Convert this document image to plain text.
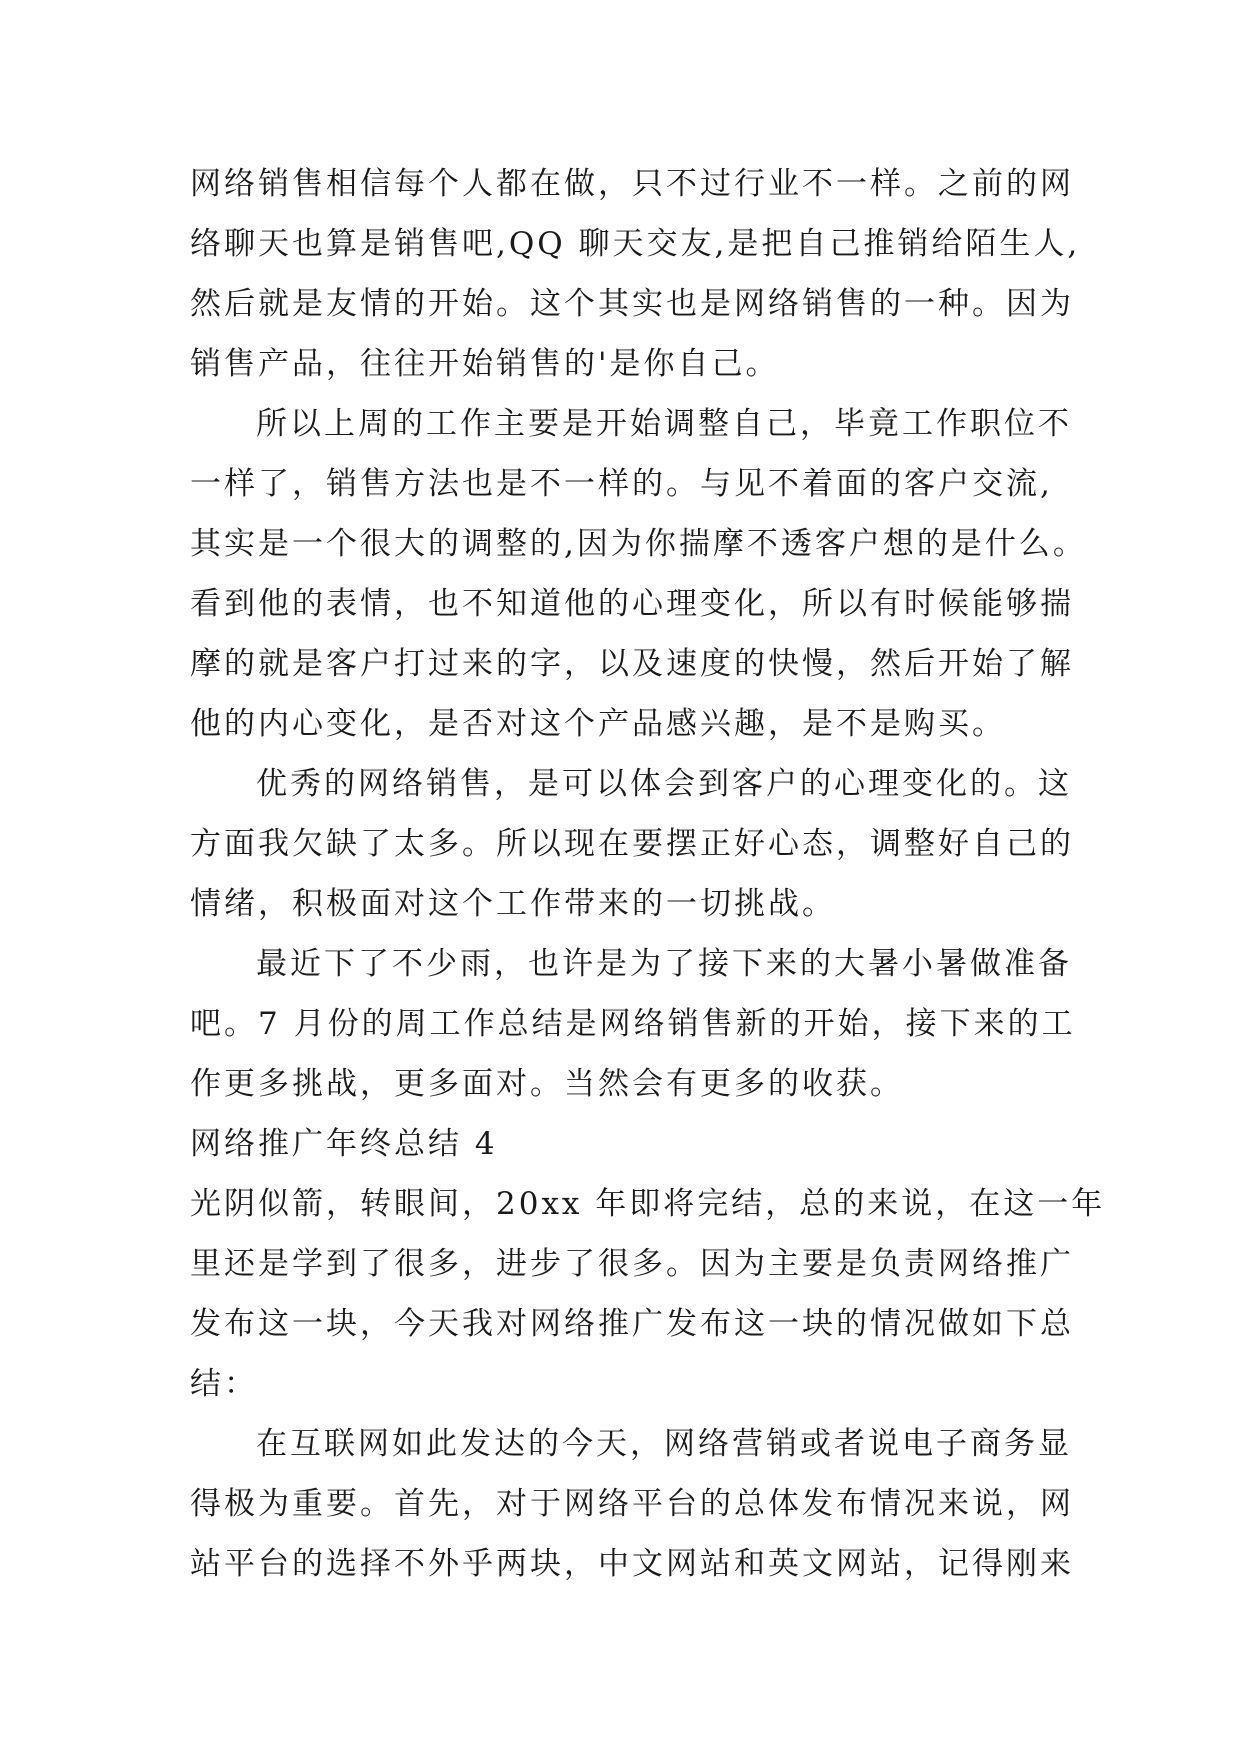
网络销售相信每个人都在做，只不过行业不一样。之前的网
络聊天也算是销售吧,QQ 聊天交友,是把自己推销给陌生人,
然后就是友情的开始。这个其实也是网络销售的一种。因为
销售产品，往往开始销售的'是你自己。
所以上周的工作主要是开始调整自己，毕竟工作职位不
一样了，销售方法也是不一样的。与见不着面的客户交流,
其实是一个很大的调整的,因为你揣摩不透客户想的是什么。
看到他的表情，也不知道他的心理变化，所以有时候能够揣
摩的就是客户打过来的字，以及速度的快慢，然后开始了解
他的内心变化，是否对这个产品感兴趣，是不是购买。
优秀的网络销售，是可以体会到客户的心理变化的。这
方面我欠缺了太多。所以现在要摆正好心态，调整好自己的
情绪，积极面对这个工作带来的一切挑战。
最近下了不少雨，也许是为了接下来的大暑小暑做准备
吧。7 月份的周工作总结是网络销售新的开始，接下来的工
作更多挑战，更多面对。当然会有更多的收获。
网络推广年终总结 4
光阴似箭，转眼间，20xx 年即将完结，总的来说，在这一年
里还是学到了很多，进步了很多。因为主要是负责网络推广
发布这一块，今天我对网络推广发布这一块的情况做如下总
结：
在互联网如此发达的今天，网络营销或者说电子商务显
得极为重要。首先，对于网络平台的总体发布情况来说，网
站平台的选择不外乎两块，中文网站和英文网站，记得刚来
